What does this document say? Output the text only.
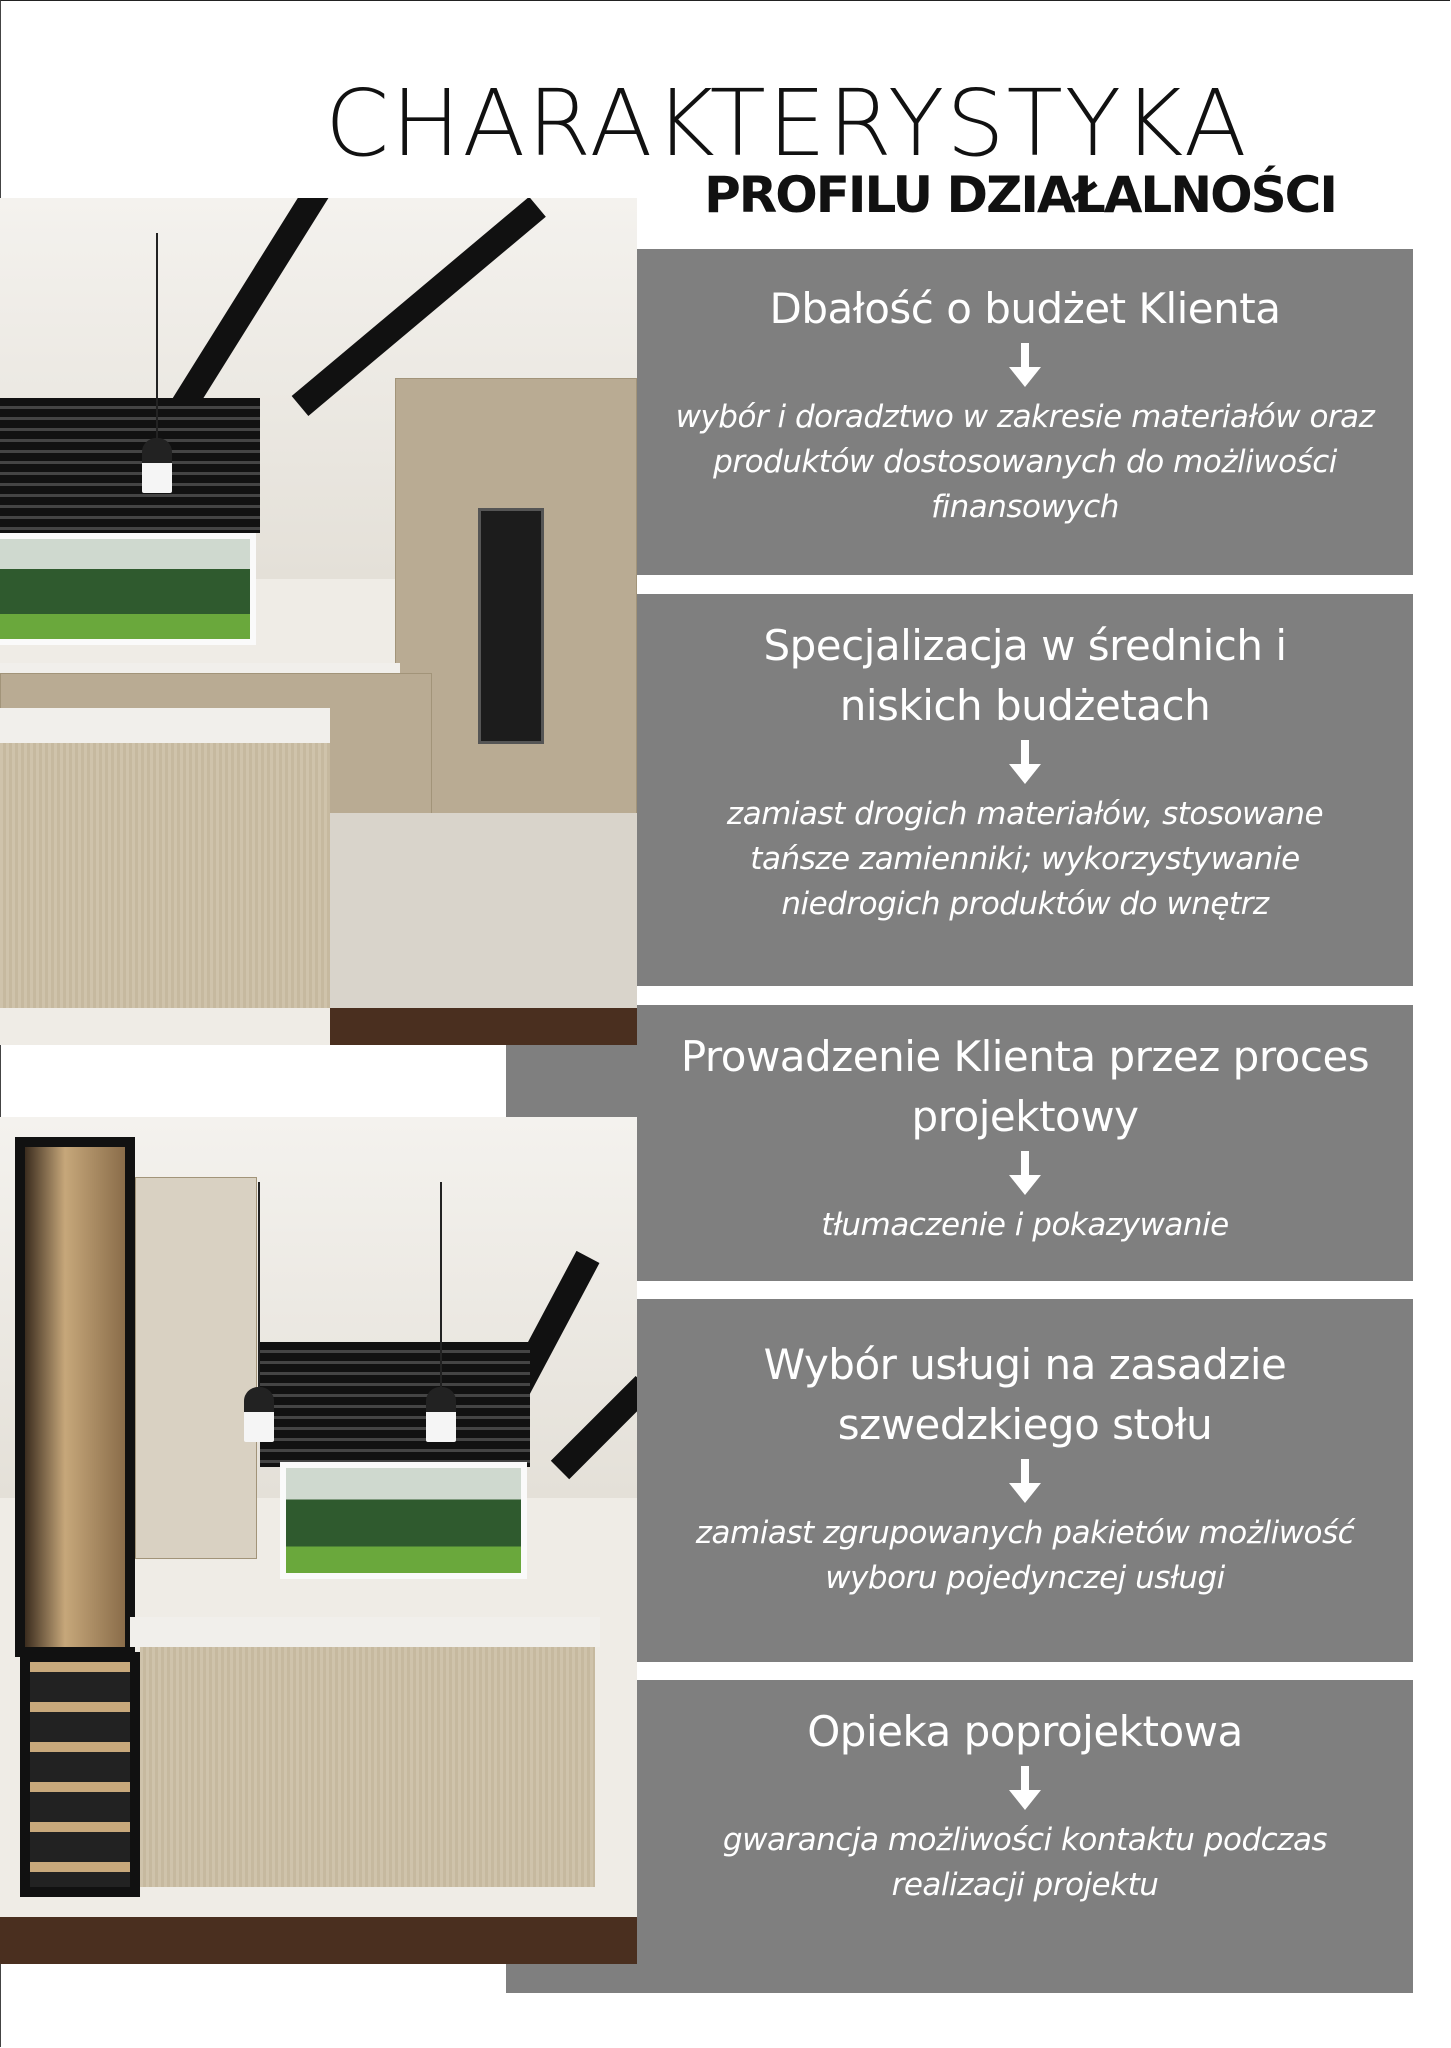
CHARAKTERYSTYKA
PROFILU DZIAŁALNOŚCI
Dbałość o budżet Klienta

wybór i doradztwo w zakresie materiałów oraz produktów dostosowanych do możliwości finansowych

Specjalizacja w średnich i niskich budżetach

zamiast drogich materiałów, stosowane tańsze zamienniki; wykorzystywanie niedrogich produktów do wnętrz

Prowadzenie Klienta przez proces projektowy

tłumaczenie i pokazywanie

Wybór usługi na zasadzie szwedzkiego stołu

zamiast zgrupowanych pakietów możliwość wyboru pojedynczej usługi

Opieka poprojektowa

gwarancja możliwości kontaktu podczas realizacji projektu
